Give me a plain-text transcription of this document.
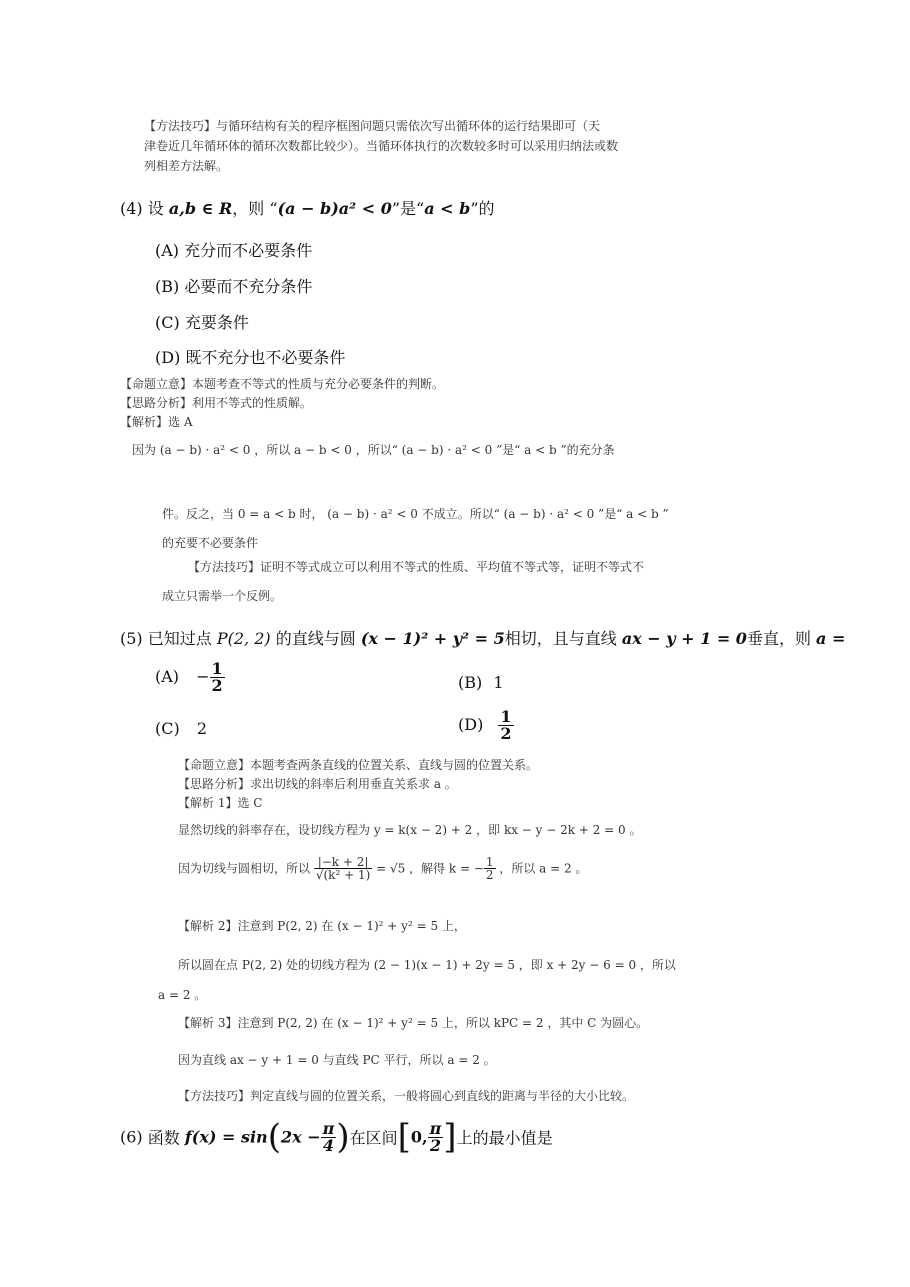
【方法技巧】与循环结构有关的程序框图问题只需依次写出循环体的运行结果即可（天
津卷近几年循环体的循环次数都比较少）。当循环体执行的次数较多时可以采用归纳法或数
列相差方法解。
(4) 设 a,b ∈ R，则 “(a − b)a² < 0”是“a < b”的
(A) 充分而不必要条件
(B) 必要而不充分条件
(C) 充要条件
(D) 既不充分也不必要条件
【命题立意】本题考查不等式的性质与充分必要条件的判断。
【思路分析】利用不等式的性质解。
【解析】选 A
因为 (a − b) · a² < 0 ，所以 a − b < 0 ，所以“ (a − b) · a² < 0 ”是“ a < b ”的充分条
件。反之，当 0 = a < b 时， (a − b) · a² < 0 不成立。所以“ (a − b) · a² < 0 ”是“ a < b ”
的充要不必要条件
【方法技巧】证明不等式成立可以利用不等式的性质、平均值不等式等，证明不等式不
成立只需举一个反例。
(5) 已知过点 P(2, 2) 的直线与圆 (x − 1)² + y² = 5相切，且与直线 ax − y + 1 = 0垂直，则 a =
$(A) - \frac{1}{2}$	(B) 1
(C) 2	$(D) \frac{1}{2}$
【命题立意】本题考查两条直线的位置关系、直线与圆的位置关系。
【思路分析】求出切线的斜率后利用垂直关系求 a 。
【解析 1】选 C
显然切线的斜率存在，设切线方程为 y = k(x − 2) + 2 ，即 kx − y − 2k + 2 = 0 。
因为切线与圆相切，所以 $\frac{|-k + 2|}{\text{√(k² + 1)}} = √5$ ，解得 k = − $\frac{1}{2}$ ，所以 a = 2 。
【解析 2】注意到 P(2, 2) 在 (x − 1)² + y² = 5 上，
所以圆在点 P(2, 2) 处的切线方程为 (2 − 1)(x − 1) + 2y = 5 ，即 x + 2y − 6 = 0 ，所以
a = 2 。
【解析 3】注意到 P(2, 2) 在 (x − 1)² + y² = 5 上，所以 kPC = 2 ，其中 C 为圆心。
因为直线 ax − y + 1 = 0 与直线 PC 平行，所以 a = 2 。
【方法技巧】判定直线与圆的位置关系，一般将圆心到直线的距离与半径的大小比较。
(6) 函数 $f(x) = \sin(2x - \frac{\pi}{4}$ )在区间[0, $\frac{\pi}{2}$ ]上的最小值是
